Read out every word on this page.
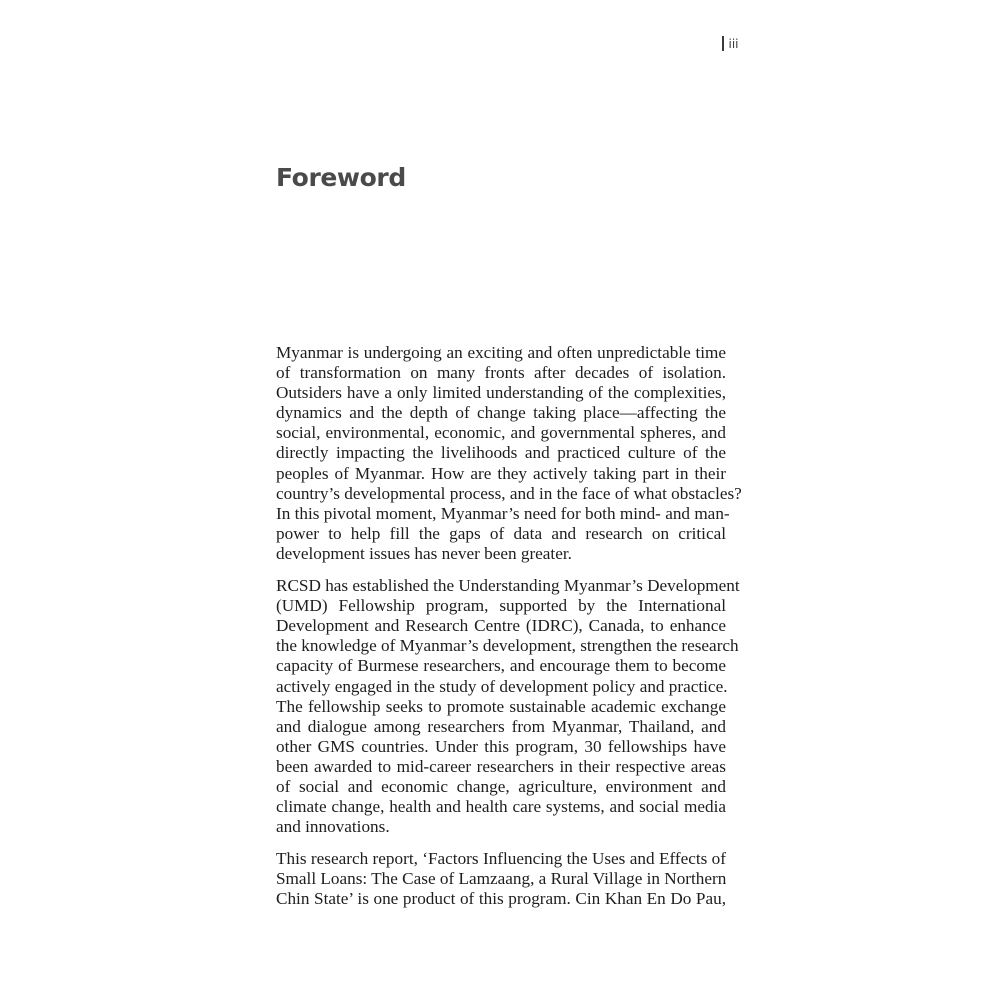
iii
Foreword

Myanmar is undergoing an exciting and often unpredictable time
of transformation on many fronts after decades of isolation.
Outsiders have a only limited understanding of the complexities,
dynamics and the depth of change taking place—affecting the
social, environmental, economic, and governmental spheres, and
directly impacting the livelihoods and practiced culture of the
peoples of Myanmar. How are they actively taking part in their
country’s developmental process, and in the face of what obstacles?
In this pivotal moment, Myanmar’s need for both mind- and man-
power to help fill the gaps of data and research on critical
development issues has never been greater.

RCSD has established the Understanding Myanmar’s Development
(UMD) Fellowship program, supported by the International
Development and Research Centre (IDRC), Canada, to enhance
the knowledge of Myanmar’s development, strengthen the research
capacity of Burmese researchers, and encourage them to become
actively engaged in the study of development policy and practice.
The fellowship seeks to promote sustainable academic exchange
and dialogue among researchers from Myanmar, Thailand, and
other GMS countries. Under this program, 30 fellowships have
been awarded to mid-career researchers in their respective areas
of social and economic change, agriculture, environment and
climate change, health and health care systems, and social media
and innovations.

This research report, ‘Factors Influencing the Uses and Effects of
Small Loans: The Case of Lamzaang, a Rural Village in Northern
Chin State’ is one product of this program. Cin Khan En Do Pau,
